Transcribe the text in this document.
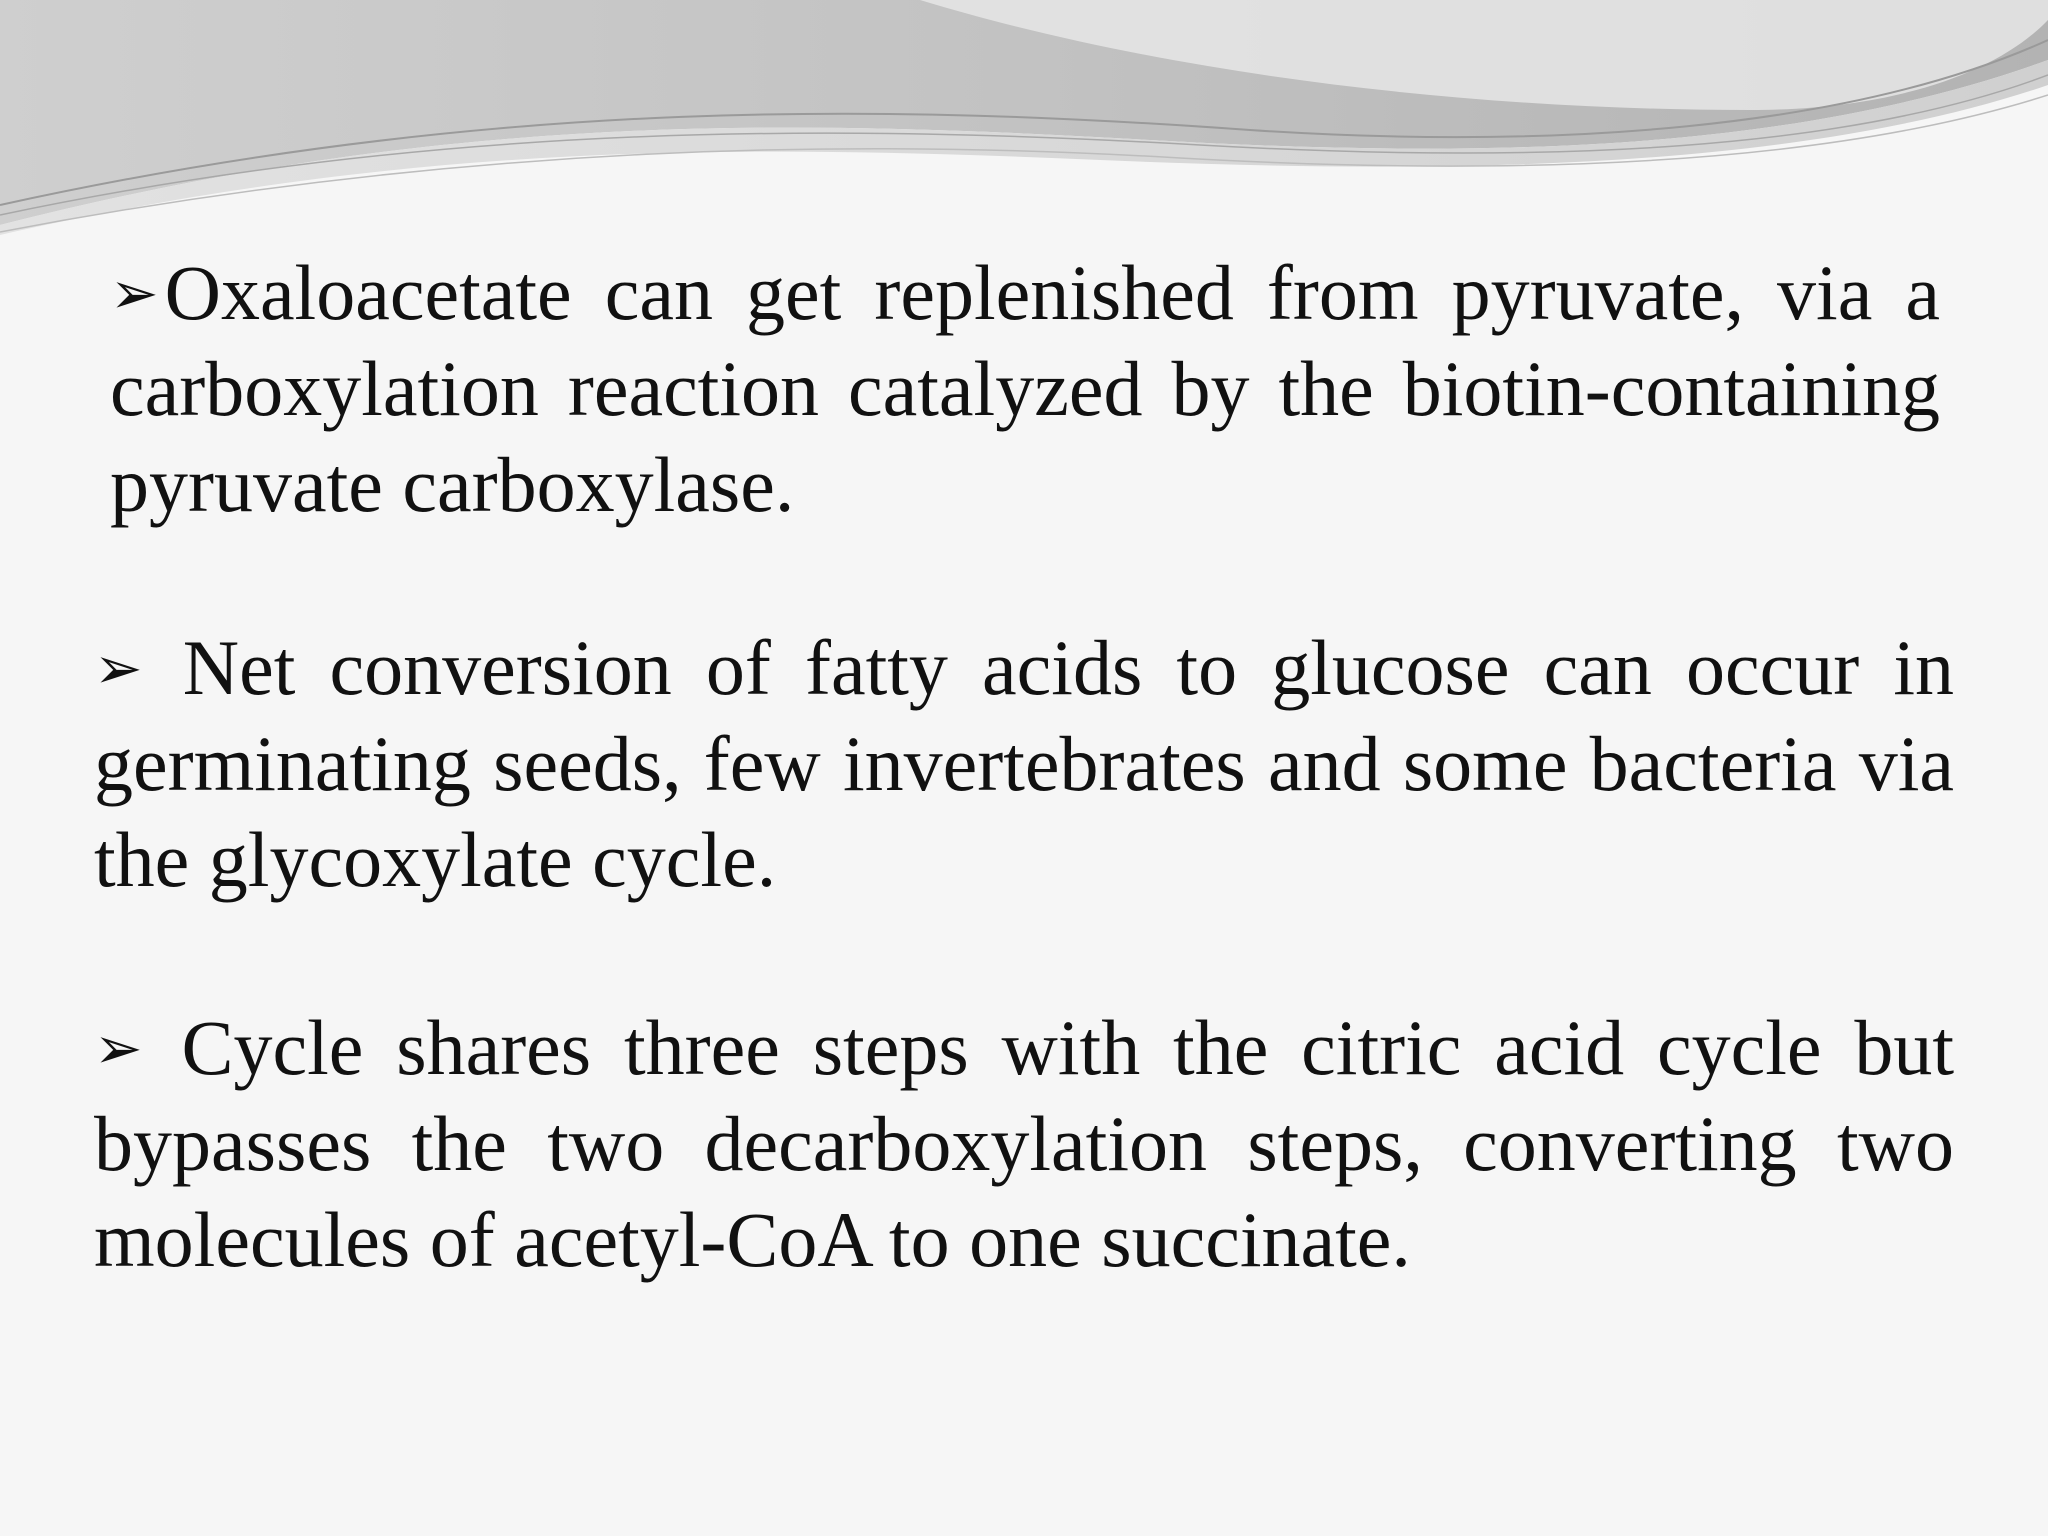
➢Oxaloacetate can get replenished from pyruvate, via a carboxylation reaction catalyzed by the biotin-containing pyruvate carboxylase.

➢ Net conversion of fatty acids to glucose can occur in germinating seeds, few invertebrates and some bacteria via the glycoxylate cycle.

➢ Cycle shares three steps with the citric acid cycle but bypasses the two decarboxylation steps, converting two molecules of acetyl-CoA to one succinate.
